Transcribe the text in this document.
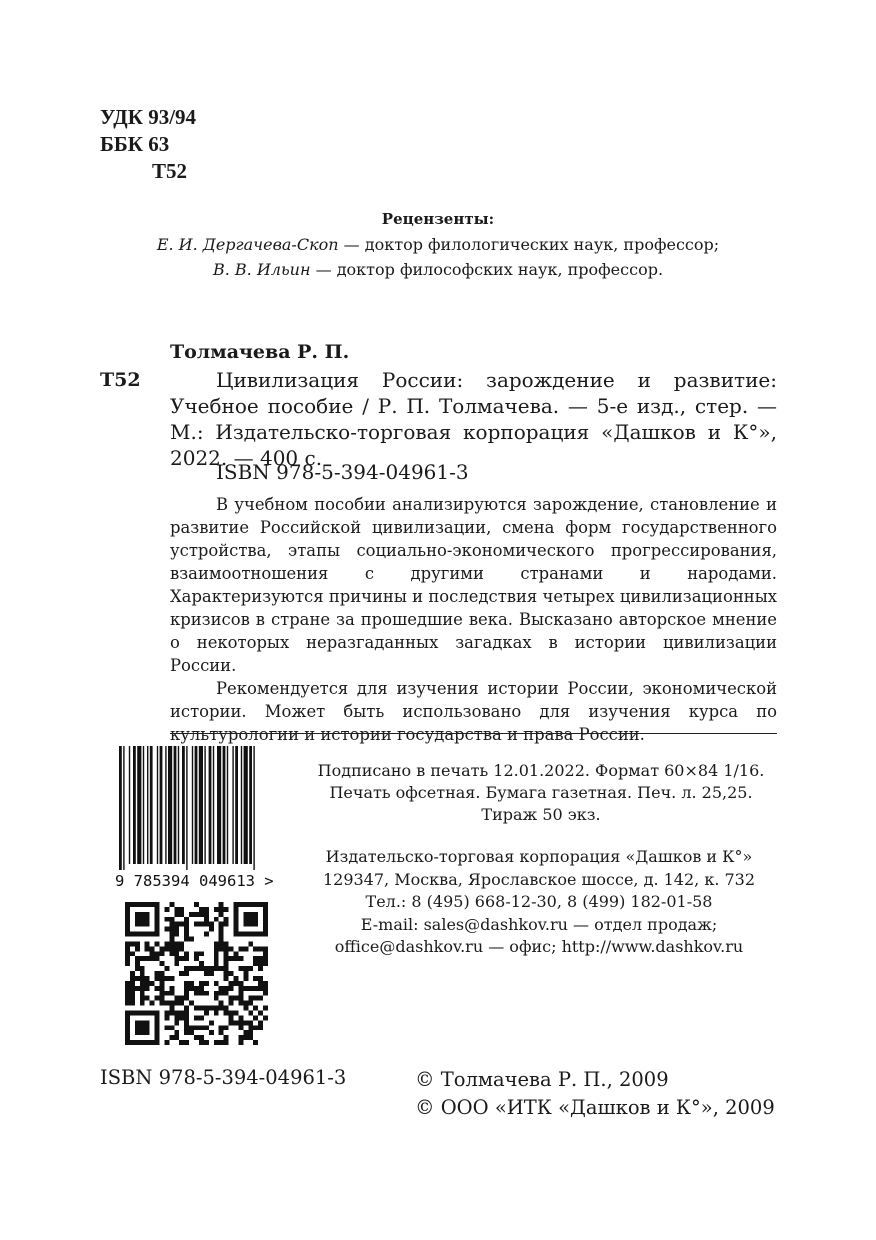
УДК 93/94
ББК 63
Т52
Рецензенты:
Е. И. Дергачева-Скоп — доктор филологических наук, профессор;
В. В. Ильин — доктор философских наук, профессор.
Толмачева Р. П.
Т52	Цивилизация России: зарождение и развитие: Учебное пособие / Р. П. Толмачева. — 5-е изд., стер. — М.: Издательско-торговая корпорация «Дашков и К°», 2022. — 400 с.
ISBN 978-5-394-04961-3

В учебном пособии анализируются зарождение, становление и развитие Российской цивилизации, смена форм государственного устройства, этапы социально-экономического прогрессирования, взаимоотношения с другими странами и народами. Характеризуются причины и последствия четырех цивилизационных кризисов в стране за прошедшие века. Высказано авторское мнение о некоторых неразгаданных загадках в истории цивилизации России.

Рекомендуется для изучения истории России, экономической истории. Может быть использовано для изучения курса по культурологии и истории государства и права России.

9 785394 049613 >
Подписано в печать 12.01.2022. Формат 60×84 1/16.
Печать офсетная. Бумага газетная. Печ. л. 25,25.
Тираж 50 экз.
Издательско-торговая корпорация «Дашков и К°»
129347, Москва, Ярославское шоссе, д. 142, к. 732
Тел.: 8 (495) 668-12-30, 8 (499) 182-01-58
E-mail: sales@dashkov.ru — отдел продаж;
office@dashkov.ru — офис; http://www.dashkov.ru
ISBN 978-5-394-04961-3	© Толмачева Р. П., 2009
© ООО «ИТК «Дашков и К°», 2009
